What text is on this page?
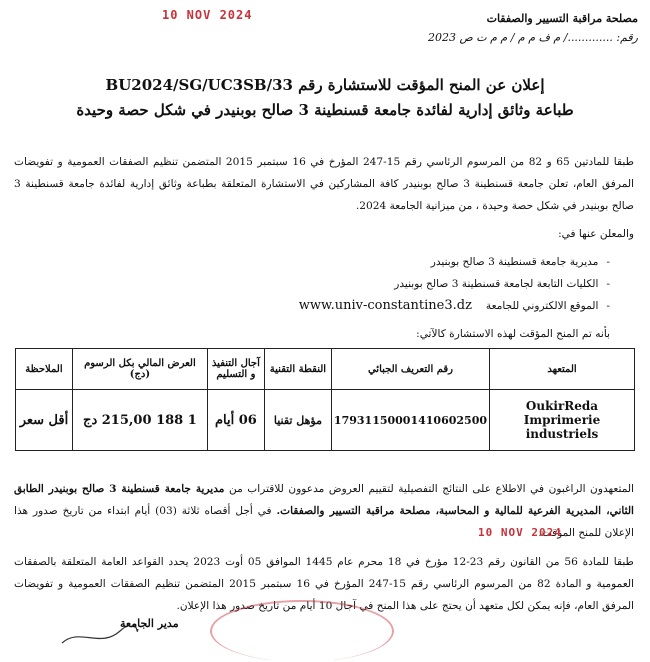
10 NOV 2024	مصلحة مراقبة التسيير والصفقات
رقم: ............./ م ف م م / م م ت ص 2023
إعلان عن المنح المؤقت للاستشارة رقم BU2024/SG/UC3SB/33
طباعة وثائق إدارية لفائدة جامعة قسنطينة 3 صالح بوبنيدر في شكل حصة وحيدة
طبقا للمادتين 65 و 82 من المرسوم الرئاسي رقم 15-247 المؤرخ في 16 سبتمبر 2015 المتضمن تنظيم الصفقات العمومية و تفويضات المرفق العام، تعلن جامعة قسنطينة 3 صالح بوبنيدر كافة المشاركين في الاستشارة المتعلقة بطباعة وثائق إدارية لفائدة جامعة قسنطينة 3 صالح بوبنيدر في شكل حصة وحيدة ، من ميزانية الجامعة 2024.
والمعلن عنها في:
- مديرية جامعة قسنطينة 3 صالح بوبنيدر
- الكليات التابعة لجامعة قسنطينة 3 صالح بوبنيدر
- الموقع الالكتروني للجامعةwww.univ-constantine3.dz
بأنه تم المنح المؤقت لهذه الاستشارة كالآتي:
المتعهد	رقم التعريف الجبائي	النقطة التقنية	آجال التنفيذ و التسليم	العرض المالي بكل الرسوم (دج)	الملاحظة

OukirReda
Imprimerie industriels	17931150001410602500	مؤهل تقنيا	06 أيام	1 188 215,00 دج	أقل سعر
المتعهدون الراغبون في الاطلاع على النتائج التفصيلية لتقييم العروض مدعوون للاقتراب من مديرية جامعة قسنطينة 3 صالح بوبنيدر الطابق الثاني، المديرية الفرعية للمالية و المحاسبة، مصلحة مراقبة التسيير والصفقات. في أجل أقصاه ثلاثة (03) أيام ابتداء من تاريخ صدور هذا الإعلان للمنح المؤقت.
10 NOV 2024
طبقا للمادة 56 من القانون رقم 23-12 مؤرخ في 18 محرم عام 1445 الموافق 05 أوت 2023 يحدد القواعد العامة المتعلقة بالصفقات العمومية و المادة 82 من المرسوم الرئاسي رقم 15-247 المؤرخ في 16 سبتمبر 2015 المتضمن تنظيم الصفقات العمومية و تفويضات المرفق العام، فإنه يمكن لكل متعهد أن يحتج على هذا المنح في آجال 10 أيام من تاريخ صدور هذا الإعلان.
مدير الجامعة
